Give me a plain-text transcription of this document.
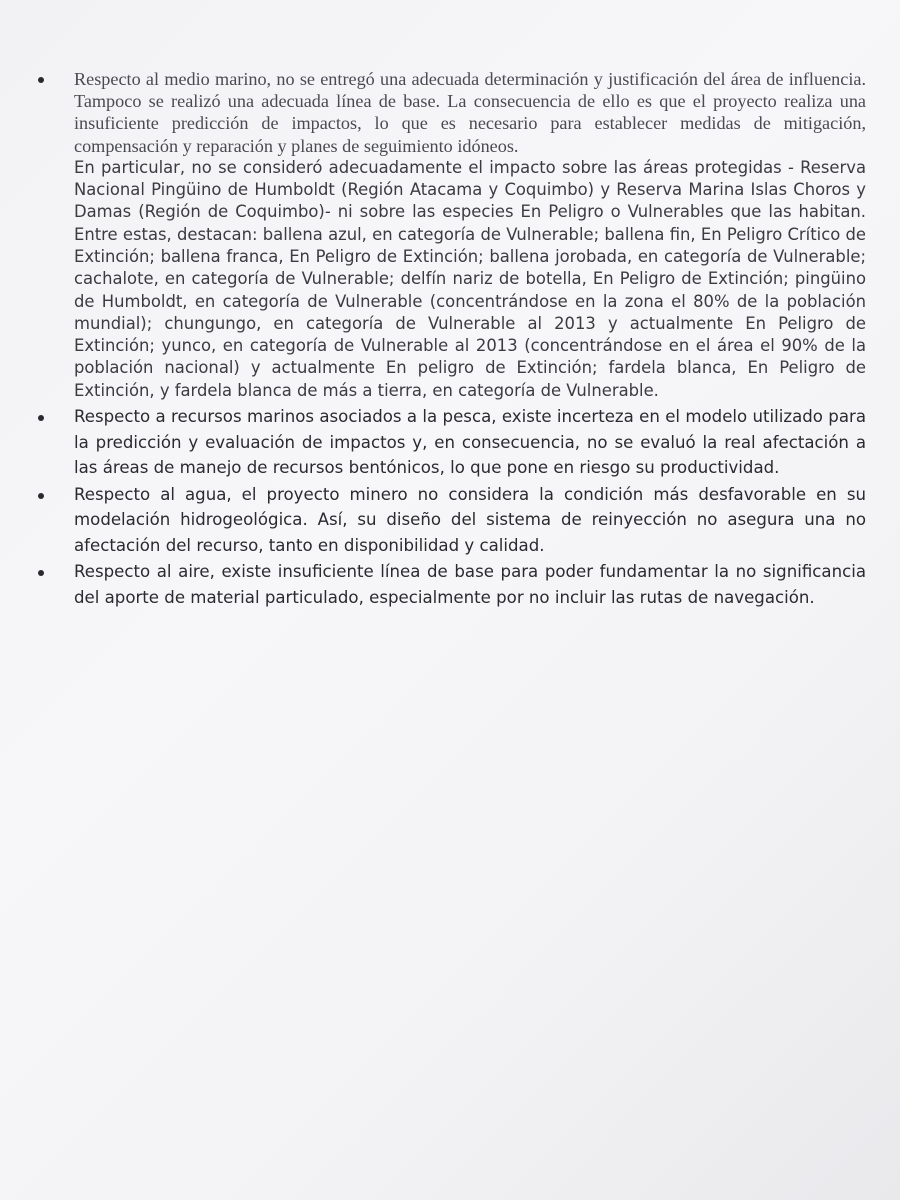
Respecto al medio marino, no se entregó una adecuada determinación y justificación del área de influencia. Tampoco se realizó una adecuada línea de base. La consecuencia de ello es que el proyecto realiza una insuficiente predicción de impactos, lo que es necesario para establecer medidas de mitigación, compensación y reparación y planes de seguimiento idóneos.

En particular, no se consideró adecuadamente el impacto sobre las áreas protegidas - Reserva Nacional Pingüino de Humboldt (Región Atacama y Coquimbo) y Reserva Marina Islas Choros y Damas (Región de Coquimbo)- ni sobre las especies En Peligro o Vulnerables que las habitan. Entre estas, destacan: ballena azul, en categoría de Vulnerable; ballena fin, En Peligro Crítico de Extinción; ballena franca, En Peligro de Extinción; ballena jorobada, en categoría de Vulnerable; cachalote, en categoría de Vulnerable; delfín nariz de botella, En Peligro de Extinción; pingüino de Humboldt, en categoría de Vulnerable (concentrándose en la zona el 80% de la población mundial); chungungo, en categoría de Vulnerable al 2013 y actualmente En Peligro de Extinción; yunco, en categoría de Vulnerable al 2013 (concentrándose en el área el 90% de la población nacional) y actualmente En peligro de Extinción; fardela blanca, En Peligro de Extinción, y fardela blanca de más a tierra, en categoría de Vulnerable.

Respecto a recursos marinos asociados a la pesca, existe incerteza en el modelo utilizado para la predicción y evaluación de impactos y, en consecuencia, no se evaluó la real afectación a las áreas de manejo de recursos bentónicos, lo que pone en riesgo su productividad.

Respecto al agua, el proyecto minero no considera la condición más desfavorable en su modelación hidrogeológica. Así, su diseño del sistema de reinyección no asegura una no afectación del recurso, tanto en disponibilidad y calidad.

Respecto al aire, existe insuficiente línea de base para poder fundamentar la no significancia del aporte de material particulado, especialmente por no incluir las rutas de navegación.
